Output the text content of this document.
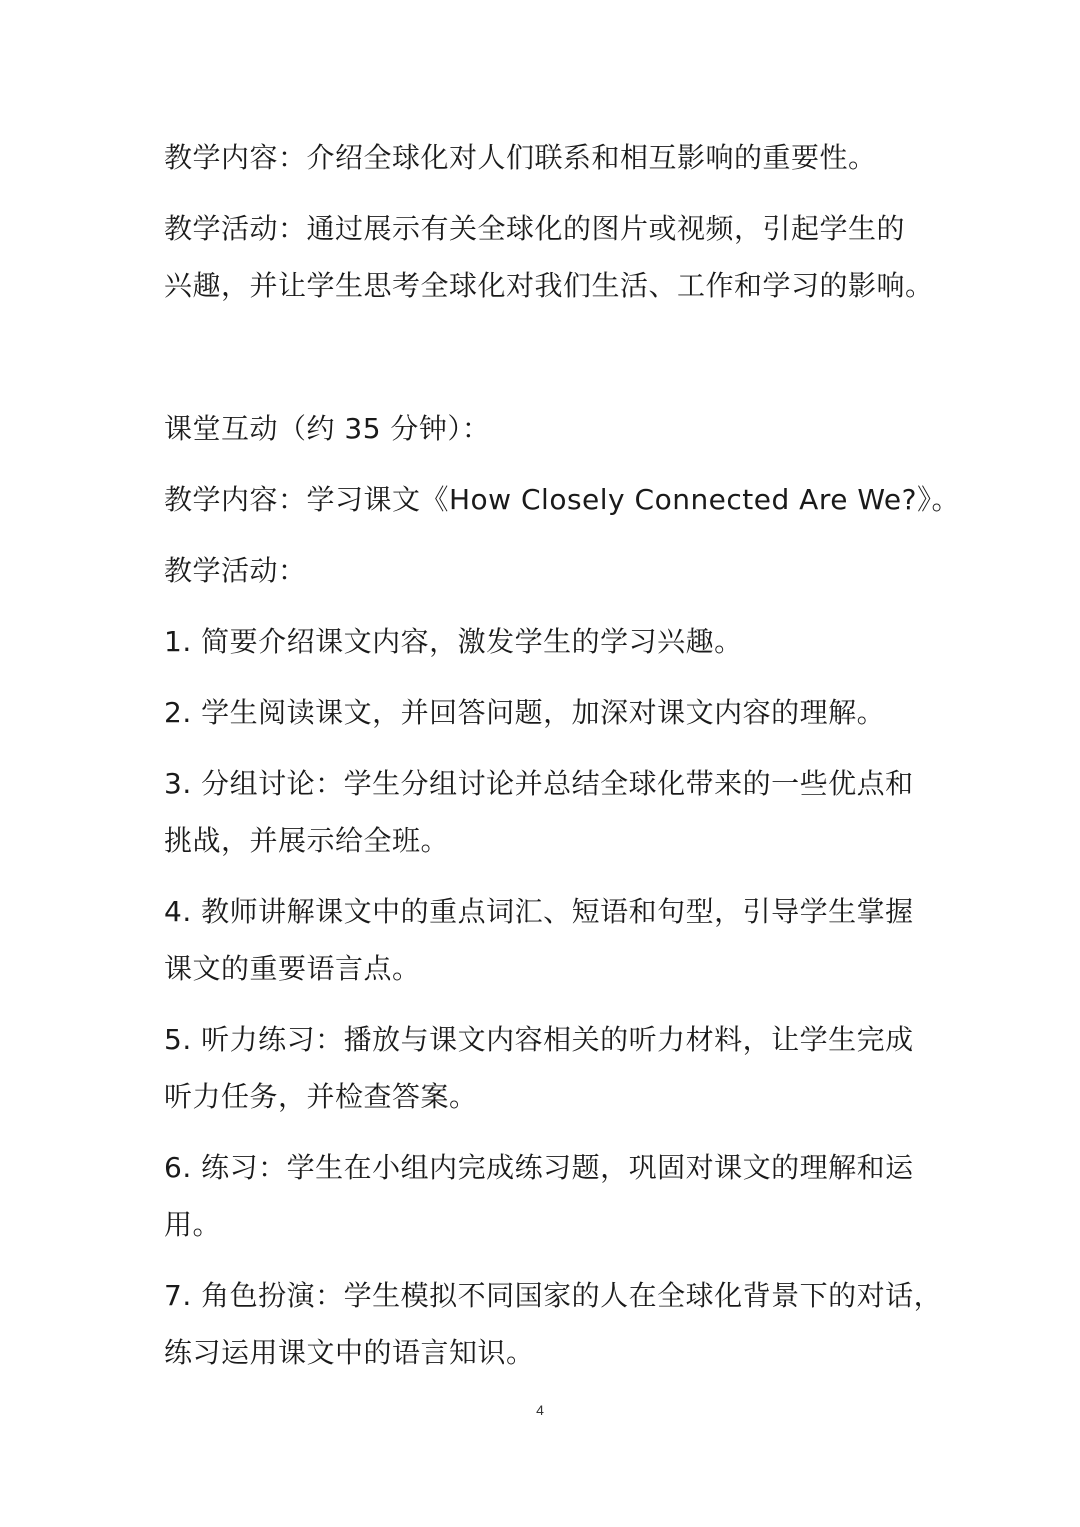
教学内容：介绍全球化对人们联系和相互影响的重要性。
教学活动：通过展示有关全球化的图片或视频，引起学生的
兴趣，并让学生思考全球化对我们生活、工作和学习的影响。
课堂互动（约 35 分钟）：
教学内容：学习课文《How Closely Connected Are We?》。
教学活动：
1. 简要介绍课文内容，激发学生的学习兴趣。
2. 学生阅读课文，并回答问题，加深对课文内容的理解。
3. 分组讨论：学生分组讨论并总结全球化带来的一些优点和
挑战，并展示给全班。
4. 教师讲解课文中的重点词汇、短语和句型，引导学生掌握
课文的重要语言点。
5. 听力练习：播放与课文内容相关的听力材料，让学生完成
听力任务，并检查答案。
6. 练习：学生在小组内完成练习题，巩固对课文的理解和运
用。
7. 角色扮演：学生模拟不同国家的人在全球化背景下的对话，
练习运用课文中的语言知识。
4
